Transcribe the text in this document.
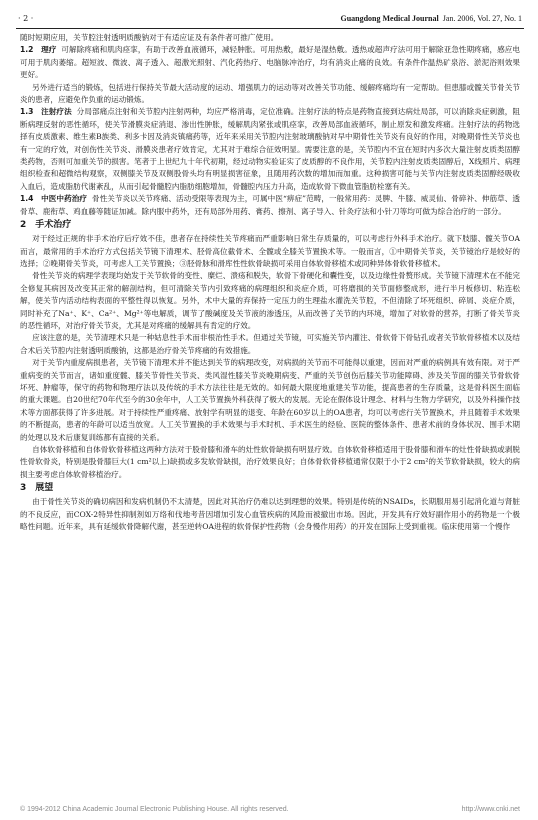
· 2 ·	Guangdong Medical Journal Jan. 2006, Vol. 27, No. 1

随时短期应用，关节腔注射透明质酸钠对于有适应证及有条件者可推广使用。

1.2　理疗 可解除疼痛和肌肉痉挛，有助于改善血液循环，减轻肿胀。可用热敷，最好是湿热敷。透热或超声疗法可用于解除亚急性期疼痛，感应电可用于肌肉萎缩。超短波、微波、离子透入、超激光照射、汽化药热疗、电脑脉冲治疗，均有消炎止痛的良效。有条件作温热矿泉浴、淤泥浴则效果更好。

另外进行适当的锻炼，包括进行保持关节最大活动度的运动、增强肌力的运动等对改善关节功能、缓解疼痛均有一定帮助。但患膝或髋关节骨关节炎的患者，应避免作负重的运动锻炼。

1.3　注射疗法 分局部痛点注射和关节腔内注射两种，均应严格消毒，定位准确。注射疗法的特点是药物直接到达病灶局部，可以消除炎症刺激，阻断病理反射的恶性循环，使关节滑膜炎症消退、渗出性肿胀，缓解肌肉紧张或肌痉挛，改善局部血液循环，制止原发和激发疼痛。注射疗法的药物选择有皮质激素、维生素B族类、利多卡因及消炎镇痛药等，近年来采用关节腔内注射玻璃酸钠对早中期骨性关节炎有良好的作用，对晚期骨性关节炎也有一定的疗效，对创伤性关节炎、滑膜炎患者疗效肯定，尤其对于难综合征效明显。需要注意的是，关节腔内不宜在短时内多次大量注射皮质类固醇类药物，否则可加重关节的损害。笔者于上世纪九十年代初期，经过动物实验证实了皮质醇的不良作用，关节腔内注射皮质类固醇后，X线照片、病理组织检查和超微结构观察，双侧膝关节及双侧股骨头均有明显损害征象，且随用药次数的增加而加重。这种损害可能与关节内注射皮质类固醇经吸收入血后，造成脂肪代谢紊乱，从而引起骨髓腔内脂肪细胞增加，骨髓腔内压力升高，造成软骨下微血管脂肪栓塞有关。

1.4　中医中药治疗 骨性关节炎以关节疼痛、活动受限等表现为主，可属中医“痹症”范畴，一般常用药：灵脾、牛膝、威灵仙、骨碎补、伸筋草、透骨草、鹿衔草、鸡血藤等随证加减。除内服中药外，还有局部外用药、膏药、擦剂、离子导入、针灸疗法和小针刀等均可做为综合治疗的一部分。

2　手术治疗

对于经过正规的非手术治疗后疗效不佳，患者存在持续性关节疼痛而严重影响日常生存质量的，可以考虑行外科手术治疗。就下肢膝、髋关节OA而言，最常用的手术治疗方式包括关节镜下清理术、胫骨高位截骨术、全髋或全膝关节置换术等。一般而言，①中期骨关节炎，关节镜治疗是较好的选择；②晚期骨关节炎，可考虑人工关节置换；③胫骨脉和滑库性性软骨缺损可采用自体软骨移植术或同种异体骨软骨移植术。

骨性关节炎的病理学表现均始发于关节软骨的变性、糜烂、溃疡和脱失，软骨下骨硬化和囊性变，以及边缘性骨赘形成。关节镜下清理术在不能完全修复其病因及改变其正常的解剖结构，但可清除关节内引致疼痛的病理组织和炎症介质，可将磨损的关节面修整成形，进行半月板修切、粘连松解，使关节内活动结构表面的平整性得以恢复。另外，术中大量的弃保持一定压力的生理盐水灌洗关节腔，不但清除了坏死组织、碎屑、炎症介质，同时补充了Na⁺、K⁺、Ca²⁺、Mg²⁺等电解质，调节了酸碱度及关节液的渗透压，从而改善了关节的内环境，增加了对软骨的营养，打断了骨关节炎的恶性循环，对治疗骨关节炎，尤其是对疼痛的缓解具有肯定的疗效。

应该注意的是，关节清理术只是一种姑息性手术而非根治性手术。但通过关节镜，可实施关节内灌注、骨软骨下骨钻孔或者关节软骨移植术以及结合术后关节腔内注射透明质酸钠，这都是治疗骨关节疼痛的有效措施。

对于关节内重度病损患者，关节镜下清理术并不能达到关节的病理改变，对病损的关节而不可能得以重建，因而对严重的病例具有效有限。对于严重病变的关节而言，诸如重度髋、膝关节骨性关节炎、类风湿性膝关节炎晚期病变、严重的关节创伤后膝关节功能障碍、涉及关节面的膝关节骨软骨坏死、肿瘤等，保守的药物和物理疗法以及传统的手术方法往往是无效的。如何最大限度地重建关节功能，提高患者的生存质量，这是骨科医生面临的重大课题。自20世纪70年代至今的30余年中，人工关节置换外科获得了极大的发展。无论在假体设计理念、材料与生物力学研究，以及外科操作技术等方面都获得了许多进展。对于持续性严重疼痛、放射学有明显的退变、年龄在60岁以上的OA患者，均可以考虑行关节置换术，并且随着手术效果的不断提高，患者的年龄可以适当放宽。人工关节置换的手术效果与手术时机、手术医生的经验、医院的整体条件、患者术前的身体状况、围手术期的处理以及术后康复训练都有直接的关系。

自体软骨移植和自体骨软骨移植这两种方法对于股骨膝和滑车的灶性软骨缺损有明显疗效。自体软骨移植适用于股骨膝和滑车的灶性骨缺损或剥脱性骨软骨炎，特别是股骨膝巨大(1 cm²以上)缺损或多发软骨缺损，治疗效果良好；自体骨软骨移植通常仅限于小于2 cm²的关节软骨缺损，较大的病损主要考虑自体软骨移植治疗。

3　展望

由于骨性关节炎的确切病因和发病机制仍不太清楚，因此对其治疗仍难以达到理想的效果。特别是传统的NSAIDs，长期服用易引起消化道与肾脏的不良反应，而COX-2特异性抑制剂如万络和伐地考昔因增加引发心血管疾病的风险而被撤出市场。因此，开发具有疗效好副作用小的药物是一个极略性问题。近年来，具有延缓软骨降解代谢，甚至逆转OA进程的软骨保护性药物（会身慢作用药）的开发在国际上受到重视。临床使用第一个慢作

© 1994-2012 China Academic Journal Electronic Publishing House. All rights reserved.	http://www.cnki.net
